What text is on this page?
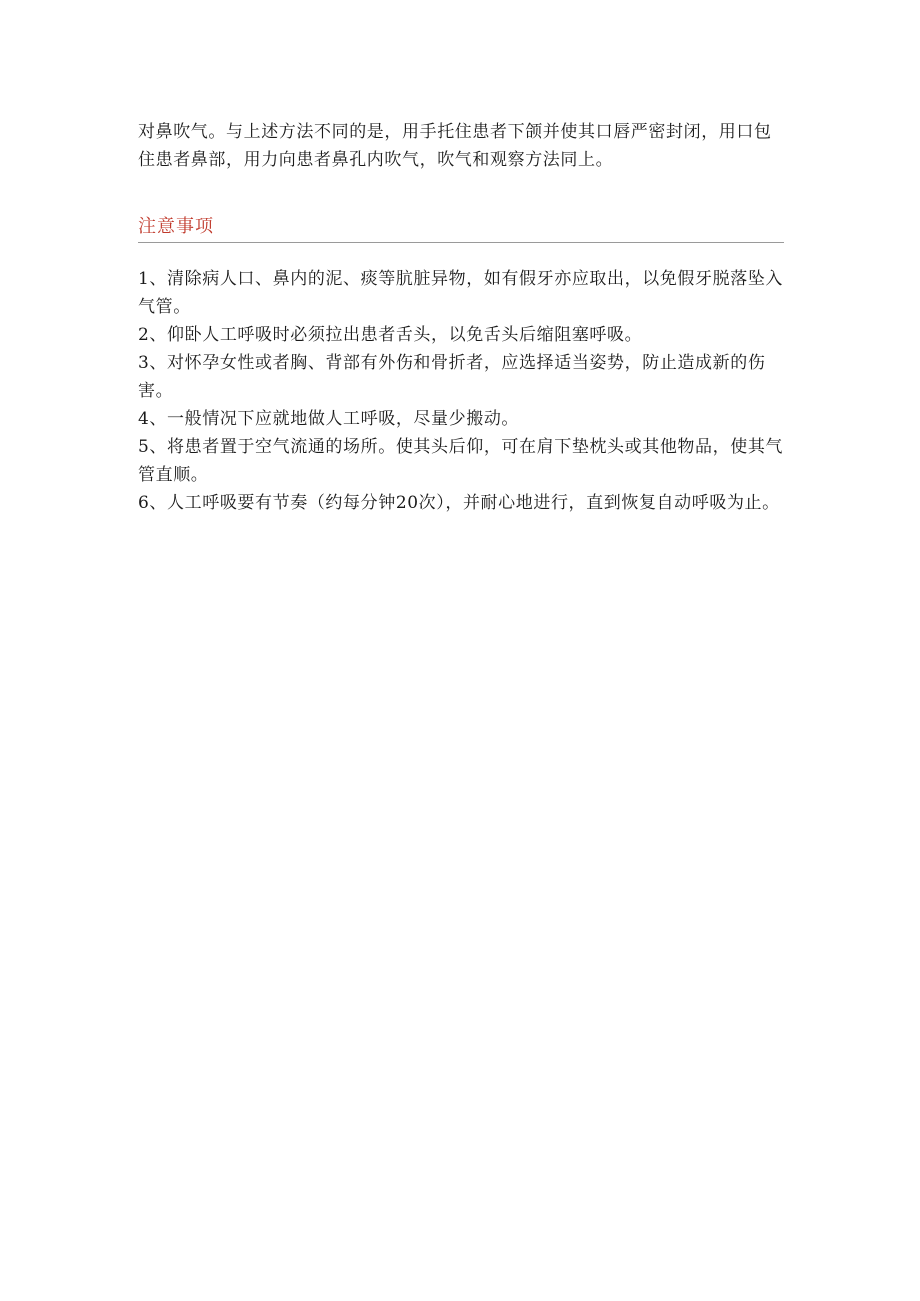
对鼻吹气。与上述方法不同的是，用手托住患者下颌并使其口唇严密封闭，用口包住患者鼻部，用力向患者鼻孔内吹气，吹气和观察方法同上。

注意事项
1、清除病人口、鼻内的泥、痰等肮脏异物，如有假牙亦应取出，以免假牙脱落坠入气管。
2、仰卧人工呼吸时必须拉出患者舌头，以免舌头后缩阻塞呼吸。
3、对怀孕女性或者胸、背部有外伤和骨折者，应选择适当姿势，防止造成新的伤害。
4、一般情况下应就地做人工呼吸，尽量少搬动。
5、将患者置于空气流通的场所。使其头后仰，可在肩下垫枕头或其他物品，使其气管直顺。
6、人工呼吸要有节奏（约每分钟20次），并耐心地进行，直到恢复自动呼吸为止。
